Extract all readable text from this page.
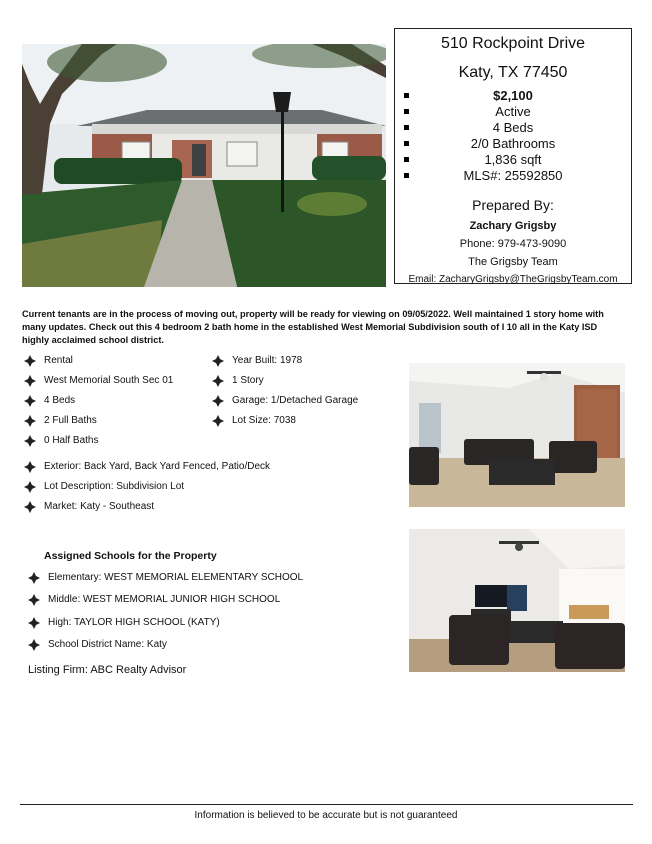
510 Rockpoint Drive
Katy, TX 77450
$2,100
Active
4 Beds
2/0 Bathrooms
1,836 sqft
MLS#: 25592850
Prepared By:
Zachary Grigsby
Phone: 979-473-9090
The Grigsby Team
Email: ZacharyGrigsby@TheGrigsbyTeam.com
Current tenants are in the process of moving out, property will be ready for viewing on 09/05/2022. Well maintained 1 story home with many updates. Check out this 4 bedroom 2 bath home in the established West Memorial Subdivision south of I 10 all in the Katy ISD highly acclaimed school district.
Rental
West Memorial South Sec 01
4 Beds
2 Full Baths
0 Half Baths
Year Built: 1978
1 Story
Garage: 1/Detached Garage
Lot Size: 7038
Exterior: Back Yard, Back Yard Fenced, Patio/Deck
Lot Description: Subdivision Lot
Market: Katy - Southeast
Assigned Schools for the Property
Elementary: WEST MEMORIAL ELEMENTARY SCHOOL
Middle: WEST MEMORIAL JUNIOR HIGH SCHOOL
High: TAYLOR HIGH SCHOOL (KATY)
School District Name: Katy
Listing Firm: ABC Realty Advisor
Information is believed to be accurate but is not guaranteed
